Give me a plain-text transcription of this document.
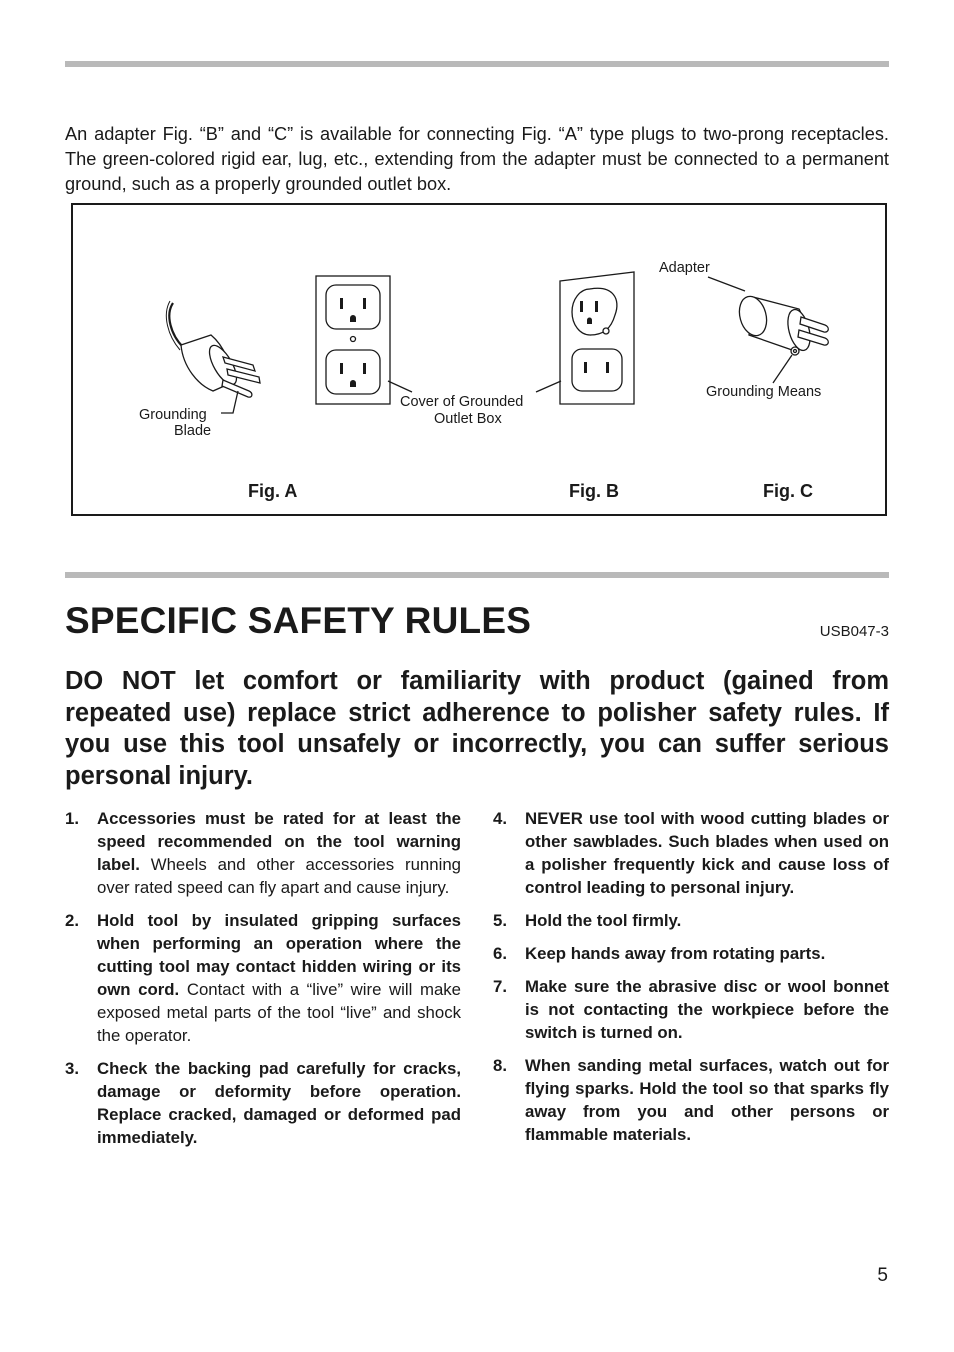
An adapter Fig. “B” and “C” is available for connecting Fig. “A” type plugs to two-prong receptacles. The green-colored rigid ear, lug, etc., extending from the adapter must be connected to a permanent ground, such as a properly grounded outlet box.

Grounding
Blade
Cover of Grounded
Outlet Box
Adapter
Grounding Means
Fig. A	Fig. B	Fig. C
SPECIFIC SAFETY RULES	USB047-3

DO NOT let comfort or familiarity with product (gained from repeated use) replace strict adherence to polisher safety rules. If you use this tool unsafely or incorrectly, you can suffer serious personal injury.

1. Accessories must be rated for at least the speed recommended on the tool warning label. Wheels and other accessories running over rated speed can fly apart and cause injury.
2. Hold tool by insulated gripping surfaces when performing an operation where the cutting tool may contact hidden wiring or its own cord. Contact with a “live” wire will make exposed metal parts of the tool “live” and shock the operator.
3. Check the backing pad carefully for cracks, damage or deformity before operation. Replace cracked, damaged or deformed pad immediately.
4. NEVER use tool with wood cutting blades or other sawblades. Such blades when used on a polisher frequently kick and cause loss of control leading to personal injury.
5. Hold the tool firmly.
6. Keep hands away from rotating parts.
7. Make sure the abrasive disc or wool bonnet is not contacting the workpiece before the switch is turned on.
8. When sanding metal surfaces, watch out for flying sparks. Hold the tool so that sparks fly away from you and other persons or flammable materials.
5
